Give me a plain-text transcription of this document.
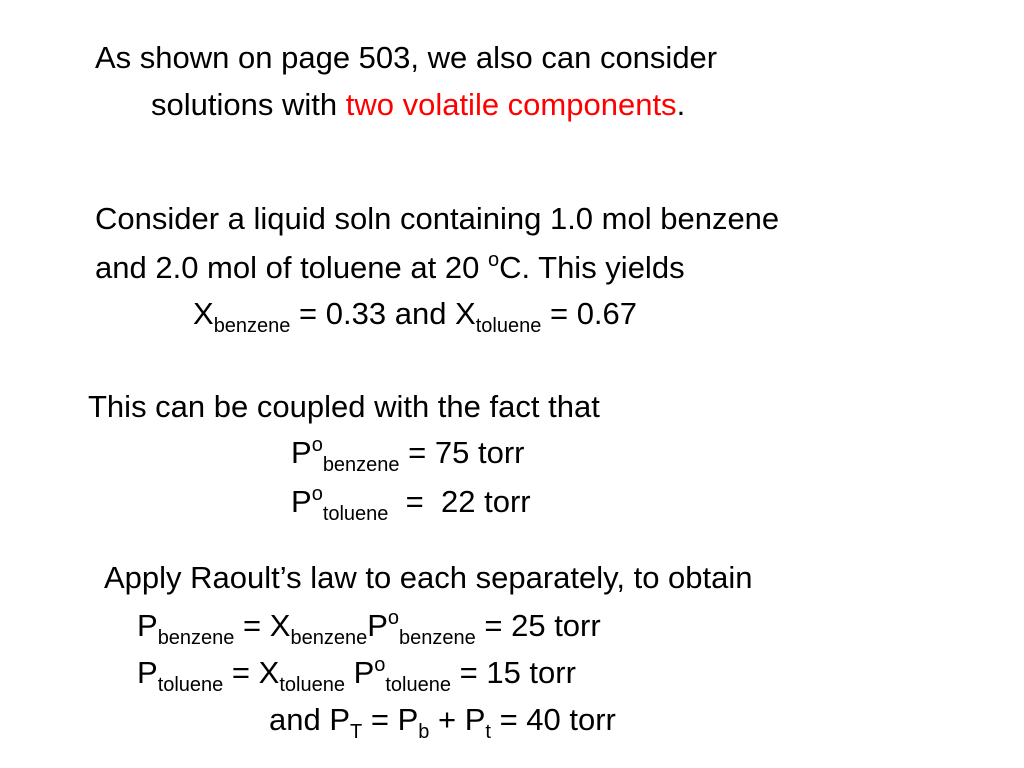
As shown on page 503, we also can consider
solutions with two volatile components.
Consider a liquid soln containing 1.0 mol benzene
and 2.0 mol of toluene at 20 $^o$C. This yields
$X_{benzene} = 0.33$ and $X_{toluene} = 0.67$
This can be coupled with the fact that
$P^o_{benzene} = 75$ torr
$P^o_{toluene} = 22$ torr
Apply Raoult’s law to each separately, to obtain
$P_{benzene} = X_{benzene}P^o_{benzene} = 25$ torr
$P_{toluene} = X_{toluene}$ $P^o_{toluene} = 15$ torr
and $P_T = P_b + P_t = 40$ torr
